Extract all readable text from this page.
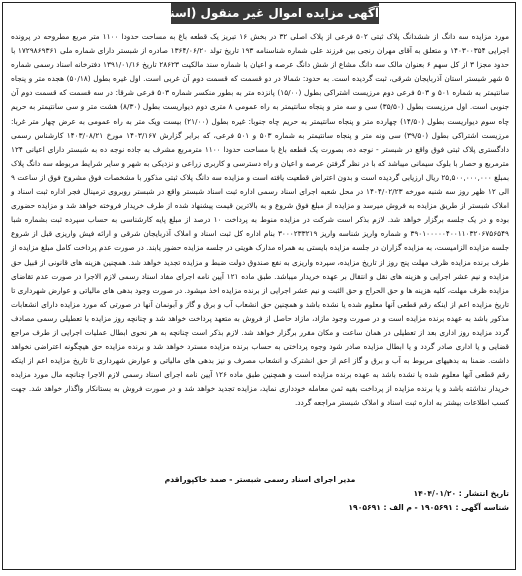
آگهی مزایده اموال غیر منقول (اسناد ذمه ای)
مورد مزایده سه دانگ از ششدانگ پلاک ثبتی ۵۰۲ فرعی از پلاک اصلی ۳۲ در بخش ۱۶ تبریز یک قطعه باغ به مساحت حدودا ۱۱۰۰ متر مربع مطروحه در پرونده اجرایی ۱۴۰۳۰۰۳۵۴ و متعلق به آقای مهران رنجی بین فرزند علی شماره شناسنامه ۱۹۳ تاریخ تولد ۱۳۶۴/۰۶/۲۰ صادره از شبستر دارای شماره ملی ۱۷۲۹۸۶۹۳۶۱ با حدود مجزا ۳ از کل سهم ۶ بعنوان مالک سه دانگ مشاع از شش دانگ عرصه و اعیان با شماره سند مالکیت ۲۸۶۲۳ تاریخ ۱۳۹۱/۰۱/۱۶ دفترخانه اسناد رسمی شماره ۵ شهر شبستر استان آذربایجان شرقی، ثبت گردیده است. به حدود: شمالا در دو قسمت که قسمت دوم آن غربی است. اول غیره بطول (۵۰/۱۸) هجده متر و پنجاه سانتیمتر به شماره ۵۰۱ و ۵۰۳ فرعی دوم مرزیست اشتراکی بطول (۱۵/۰۰) پانزده متر به بطور منکسر شماره ۵۰۳ فرعی شرقا: در سه قسمت که قسمت دوم آن جنوبی است. اول مرزیست بطول (۳۵/۵۰) سی و سه متر و پنجاه سانتیمتر به راه عمومی ۸ متری دوم دیواریست بطول (۸/۳۰) هشت متر و سی سانتیمتر به حریم چاه سوم دیواریست بطول (۱۴/۵۰) چهارده متر و پنجاه سانتیمتر به حریم چاه جنوبا: غیره بطول (۲۱/۰۰) بیست ویک متر به راه عمومی به عرض چهار متر غربا: مرزیست اشتراکی بطول (۳۹/۵۰) سی ونه متر و پنجاه سانتیمتر به شماره ۵۰۳ و ۵۰۱ فرعی، که برابر گزارش ۱۴۰۳/۱۶۷ مورخ ۱۴۰۳/۰۸/۲۱ کارشناس رسمی دادگستری پلاک ثبتی فوق واقع در شبستر - نوجه ده، بصورت یک قطعه باغ با مساحت حدودا ۱۱۰۰ مترمربع مشرف به جاده نوجه ده به شبستر دارای اعیانی ۱۲۴ مترمربع و حصار با بلوک سیمانی میباشد که با در نظر گرفتن عرصه و اعیان و راه دسترسی و کاربری زراعی و نزدیکی به شهر و سایر شرایط مربوطه سه دانگ پلاک بمبلغ ۲۵,۵۰۰,۰۰۰,۰۰۰ ریال ارزیابی گردیده است و بدون اعتراض قطعیت یافته است و مزایده سه دانگ پلاک ثبتی مذکور با مشخصات فوق مشروح فوق از ساعت ۹ الی ۱۲ ظهر روز سه شنبه مورخه ۱۴۰۴/۰۲/۲۳ در محل شعبه اجرای اسناد رسمی اداره ثبت اسناد شبستر واقع در شبستر روبروی ترمینال فجر اداره ثبت اسناد و املاک شبستر از طریق مزایده به فروش میرسد و مزایده از مبلغ فوق شروع و به بالاترین قیمت پیشنهاد شده از طرف خریدار فروخته خواهد شد و مزایده حضوری بوده و در یک جلسه برگزار خواهد شد. لازم بذکر است شرکت در مزایده منوط به پرداخت ۱۰ درصد از مبلغ پایه کارشناسی به حساب سپرده ثبت بشماره شبا ۳۹۰۱۰۰۰۰۰۴۰۰۱۱۰۳۲۰۶۷۵۶۵۴۹ و شماره واریز شناسه واریز ۳۰۰۰۲۳۳۲۱۹ بنام اداره کل ثبت اسناد و املاک آذربایجان شرقی و ارائه فیش واریزی قبل از شروع جلسه مزایده الزامیست، به مزایده گزاران در جلسه مزایده بایستی به همراه مدارک هویتی در جلسه مزایده حضور یابند. در صورت عدم پرداخت کامل مبلغ مزایده از طرف برنده مزایده ظرف مهلت پنج روز از تاریخ مزایده، سپرده واریزی به نفع صندوق دولت ضبط و مزایده تجدید خواهد شد. همچنین هزینه های قانونی از قبیل حق مزایده و نیم عشر اجرایی و هزینه های نقل و انتقال بر عهده خریدار میباشد. طبق ماده ۱۲۱ آیین نامه اجرای مفاد اسناد رسمی لازم الاجرا در صورت عدم تقاضای مزایده ظرف مهلت، کلیه هزینه ها و حق الحراج و حق الثبت و نیم عشر اجرایی از برنده مزایده اخذ میشود. در صورت وجود بدهی های مالیاتی و عوارض شهرداری تا تاریخ مزایده اعم از اینکه رقم قطعی آنها معلوم شده یا نشده باشد و همچنین حق انشعاب آب و برق و گاز و آبونمان آنها در صورتی که مورد مزایده دارای انشعابات مذکور باشد به عهده برنده مزایده است و در صورت وجود مازاد، مازاد حاصل از فروش به متعهد پرداخت خواهد شد و چنانچه روز مزایده با تعطیلی رسمی مصادف گردد مزایده روز اداری بعد از تعطیلی در همان ساعت و مکان مقرر برگزار خواهد شد. لازم بذکر است چنانچه به هر نحوی ابطال عملیات اجرایی از طرف مراجع قضایی و یا اداری صادر گردد و یا ابطال مزایده صادر شود وجوه پرداختی به حساب برنده مزایده مسترد خواهد شد و برنده مزایده حق هیچگونه اعتراضی نخواهد داشت. ضمنا به بدهیهای مربوط به آب و برق و گاز اعم از حق انشترک و انشعاب مصرف و نیز بدهی های مالیاتی و عوارض شهرداری تا تاریخ مزایده اعم از اینکه رقم قطعی آنها معلوم شده یا نشده باشد به عهده برنده مزایده است و همچنین طبق ماده ۱۲۶ آیین نامه اجرای اسناد رسمی لازم الاجرا چنانچه مال مورد مزایده خریدار نداشته باشد و یا برنده مزایده از پرداخت بقیه ثمن معامله خودداری نماید، مزایده تجدید خواهد شد و در صورت فروش به بستانکار واگذار خواهد شد. جهت کسب اطلاعات بیشتر به اداره ثبت اسناد و املاک شبستر مراجعه گردد.
مدیر اجرای اسناد رسمی شبستر - صمد خاکپوراقدم
تاریخ انتشار : ۱۴۰۴/۰۱/۲۰
شناسه آگهی : ۱۹۰۵۶۹۱ - م الف : ۱۹۰۵۶۹۱
